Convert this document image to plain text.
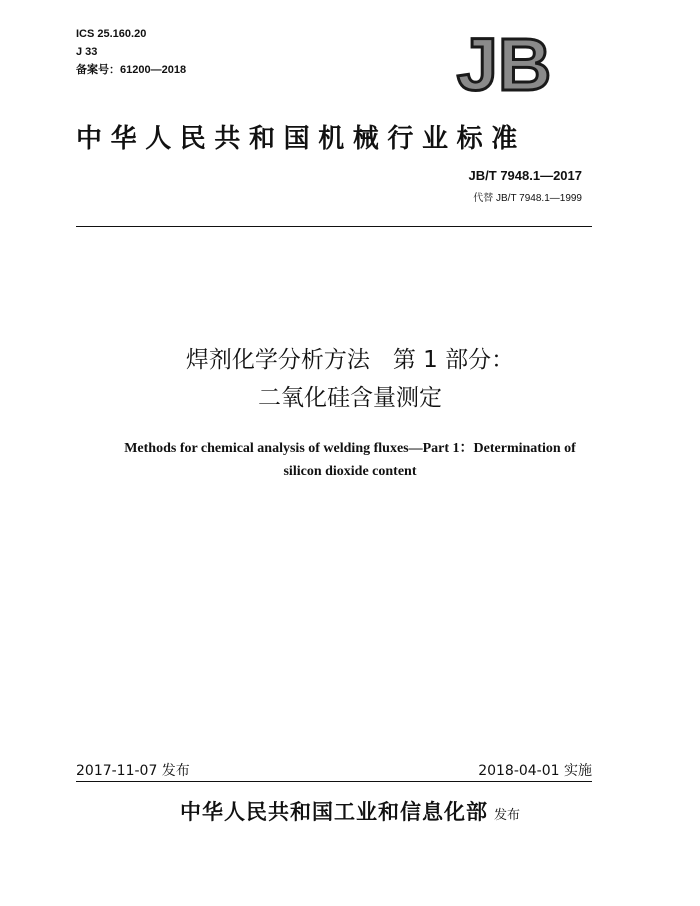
ICS 25.160.20
J 33
备案号：61200—2018	JB
中华人民共和国机械行业标准
JB/T 7948.1—2017
代替 JB/T 7948.1—1999
焊剂化学分析方法　第 1 部分：
二氧化硅含量测定
Methods for chemical analysis of welding fluxes—Part 1：Determination of
silicon dioxide content
2017-11-07 发布	2018-04-01 实施
中华人民共和国工业和信息化部 发布
